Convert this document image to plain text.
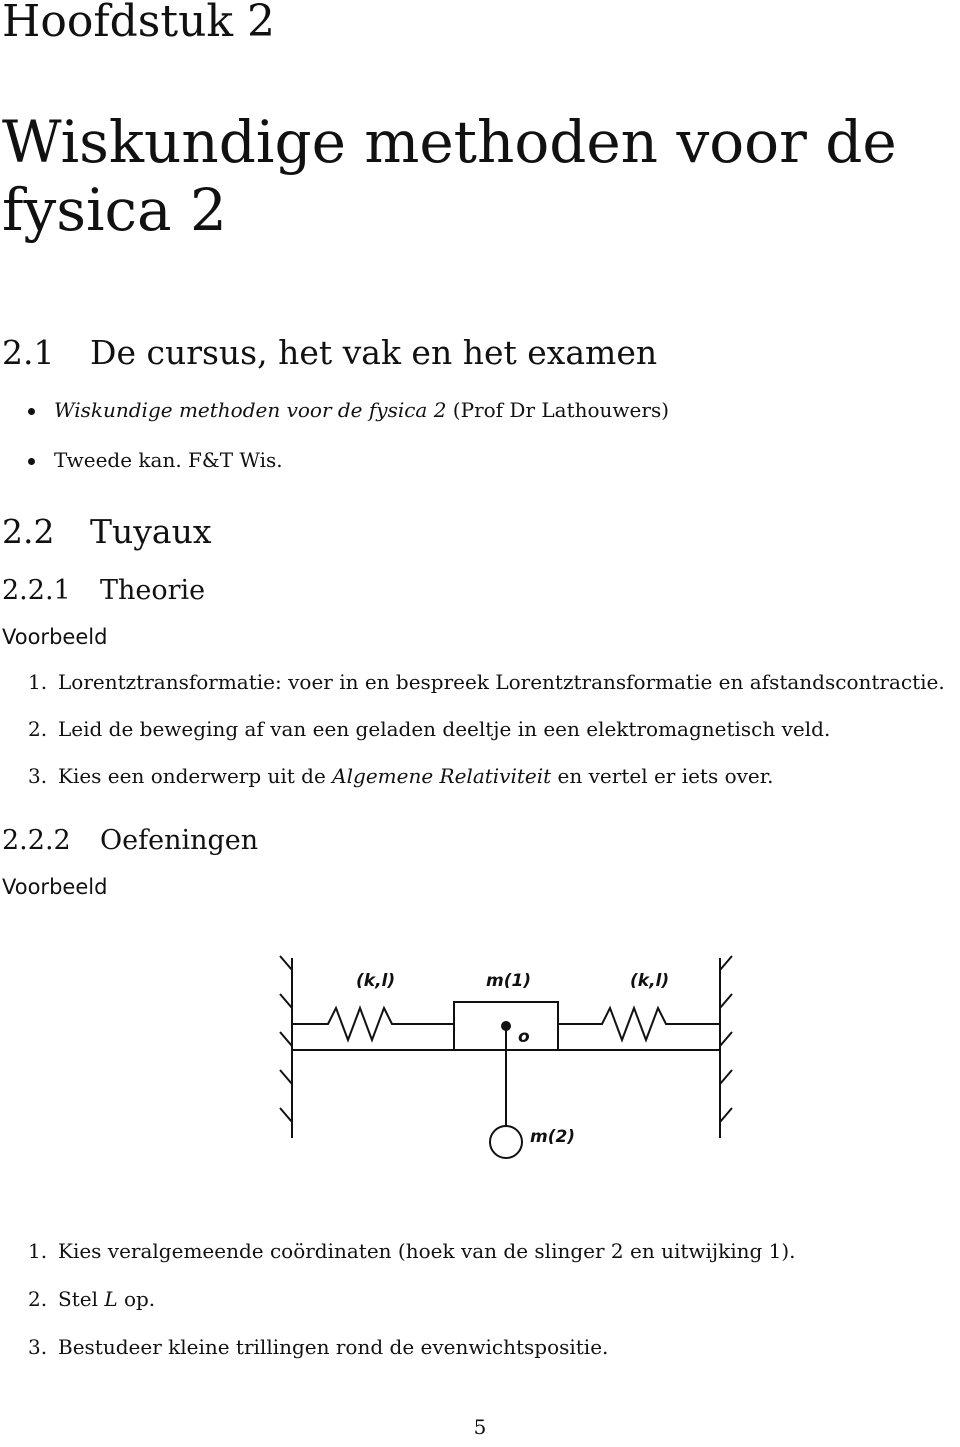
Hoofdstuk 2
Wiskundige methoden voor de fysica 2
2.1 De cursus, het vak en het examen
Wiskundige methoden voor de fysica 2 (Prof Dr Lathouwers)
Tweede kan. F&T Wis.
2.2 Tuyaux
2.2.1 Theorie
Voorbeeld
1. Lorentztransformatie: voer in en bespreek Lorentztransformatie en afstandscontractie.
2. Leid de beweging af van een geladen deeltje in een elektromagnetisch veld.
3. Kies een onderwerp uit de Algemene Relativiteit en vertel er iets over.
2.2.2 Oefeningen
Voorbeeld
(k,l)	m(1)	(k,l)
o
m(2)
1. Kies veralgemeende coördinaten (hoek van de slinger 2 en uitwijking 1).
2. Stel L op.
3. Bestudeer kleine trillingen rond de evenwichtspositie.
5
